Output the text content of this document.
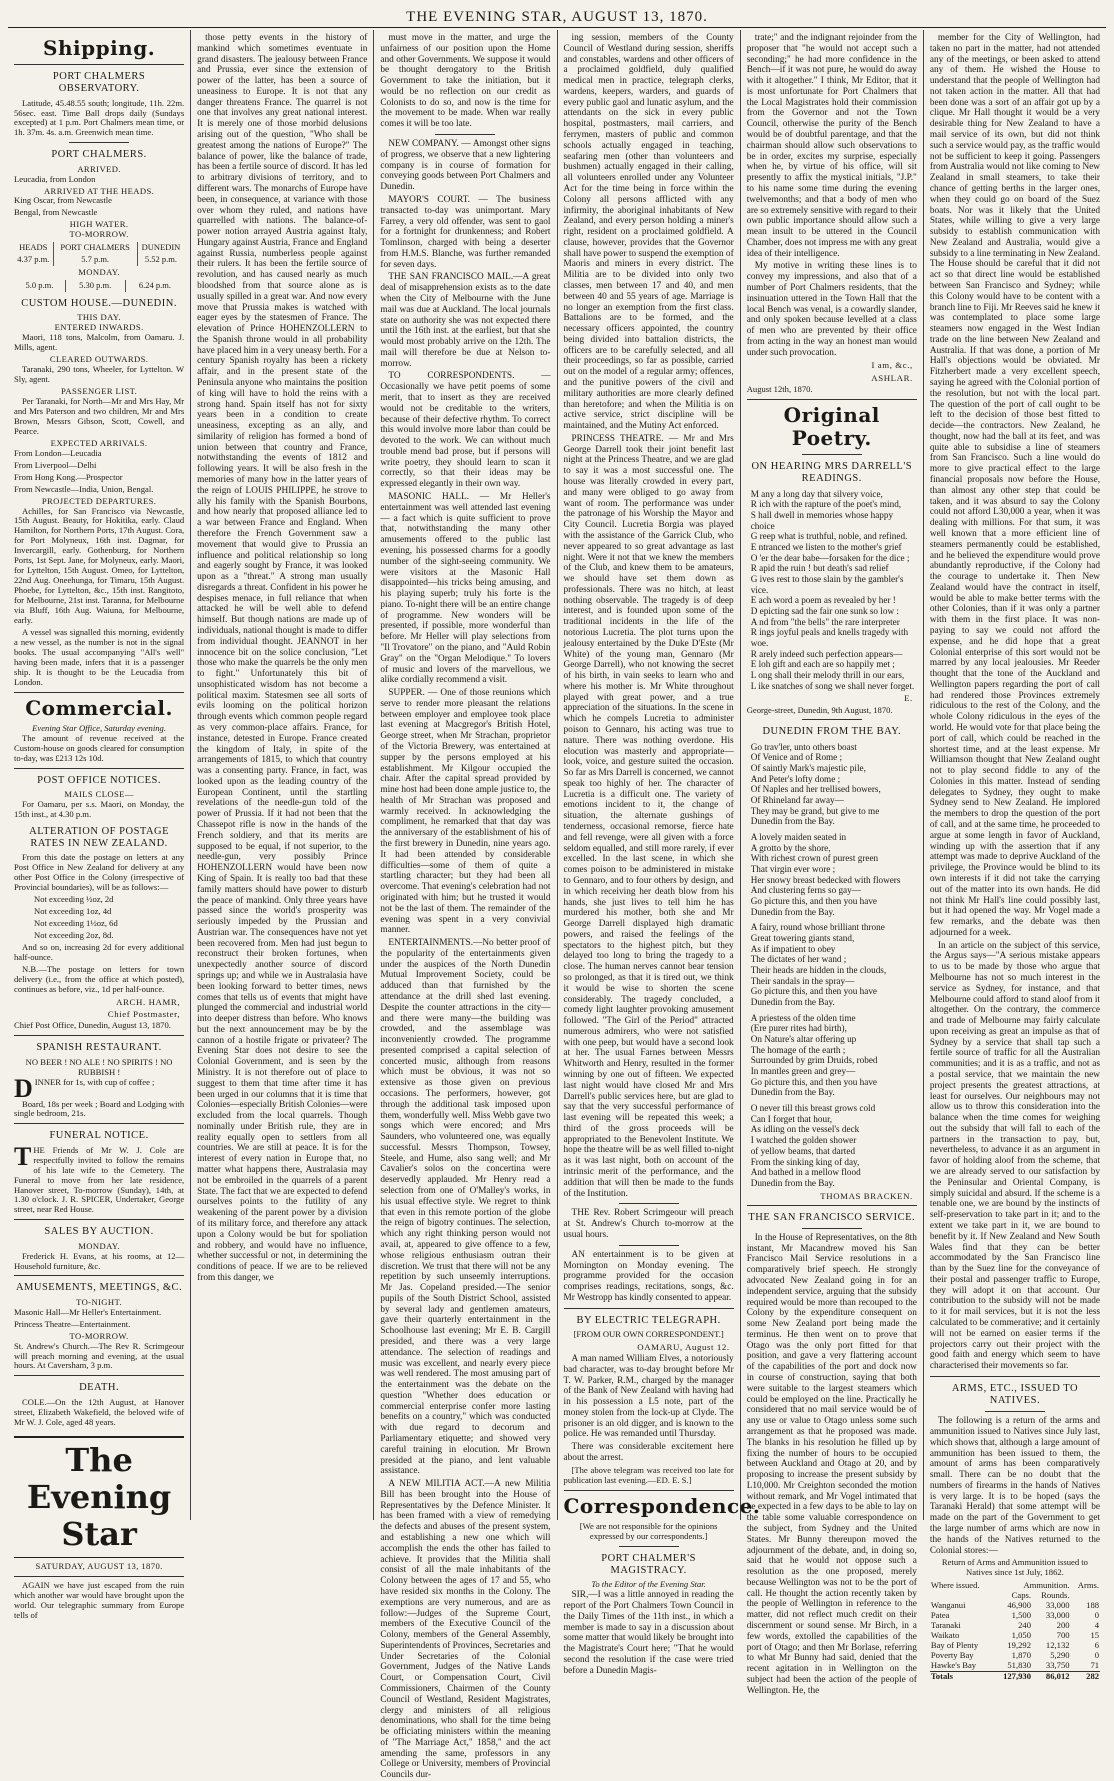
THE EVENING STAR, AUGUST 13, 1870.
Shipping.
PORT CHALMERS OBSERVATORY.

Latitude, 45.48.55 south; longitude, 11h. 22m. 56sec. east. Time Ball drops daily (Sundays excepted) at 1 p.m. Port Chalmers mean time, or 1h. 37m. 4s. a.m. Greenwich mean time.

PORT CHALMERS.
ARRIVED.

Leucadia, from London

ARRIVED AT THE HEADS.

King Oscar, from Newcastle

Bengal, from Newcastle

HIGH WATER.
TO-MORROW.
HEADS	PORT CHALMERS	DUNEDIN
4.37 p.m.	5.7 p.m.	5.52 p.m.
MONDAY.
5.0 p.m.	5.30 p.m.	6.24 p.m.
CUSTOM HOUSE.—DUNEDIN.
THIS DAY.
ENTERED INWARDS.

Maori, 118 tons, Malcolm, from Oamaru. J. Mills, agent.

CLEARED OUTWARDS.

Taranaki, 290 tons, Wheeler, for Lyttelton. W Sly, agent.

PASSENGER LIST.

Per Taranaki, for North—Mr and Mrs Hay, Mr and Mrs Paterson and two children, Mr and Mrs Brown, Messrs Gibson, Scott, Cowell, and Pearce.

EXPECTED ARRIVALS.

From London—Leucadia

From Liverpool—Delhi

From Hong Kong.—Prospector

From Newcastle—India, Union, Bengal.

PROJECTED DEPARTURES.

Achilles, for San Francisco via Newcastle, 15th August. Beauty, for Hokitika, early. Claud Hamilton, for Northern Ports, 17th August. Cora, for Port Molyneux, 16th inst. Dagmar, for Invercargill, early. Gothenburg, for Northern Ports, 1st Sept. Jane, for Molyneux, early. Maori, for Lyttelton, 15th August. Omeo, for Lyttelton, 22nd Aug. Oneehunga, for Timaru, 15th August. Phoebe, for Lyttelton, &c., 15th inst. Rangitoto, for Melbourne, 21st inst. Taranna, for Melbourne via Bluff, 16th Aug. Waiuna, for Melbourne, early.

A vessel was signalled this morning, evidently a new vessel, as the number is not in the signal books. The usual accompanying "All's well" having been made, infers that it is a passenger ship. It is thought to be the Leucadia from London.

Commercial.
Evening Star Office, Saturday evening.

The amount of revenue received at the Custom-house on goods cleared for consumption to-day, was £213 12s 10d.

POST OFFICE NOTICES.
MAILS CLOSE—

For Oamaru, per s.s. Maori, on Monday, the 15th inst., at 4.30 p.m.

ALTERATION OF POSTAGE RATES IN NEW ZEALAND.

From this date the postage on letters at any Post Office in New Zealand for delivery at any other Post Office in the Colony (irrespective of Provincial boundaries), will be as follows:—

Not exceeding ½oz, 2d

Not exceeding 1oz, 4d

Not exceeding 1½oz, 6d

Not exceeding 2oz, 8d.

And so on, increasing 2d for every additional half-ounce.

N.B.—The postage on letters for town delivery (i.e., from the office at which posted), continues as before, viz., 1d per half-ounce.

ARCH. HAMR,
Chief Postmaster,

Chief Post Office, Dunedin, August 13, 1870.

SPANISH RESTAURANT.
NO BEER ! NO ALE ! NO SPIRITS ! NO RUBBISH !

DINNER for 1s, with cup of coffee ;

Board, 18s per week ; Board and Lodging with single bedroom, 21s.

FUNERAL NOTICE.

THE Friends of Mr W. J. Cole are respectfully invited to follow the remains of his late wife to the Cemetery. The Funeral to move from her late residence, Hanover street, To-morrow (Sunday), 14th, at 1.30 o'clock. J. R. SPICER, Undertaker, George street, near Red House.

SALES BY AUCTION.
MONDAY.

Frederick H. Evans, at his rooms, at 12—Household furniture, &c.

AMUSEMENTS, MEETINGS, &C.
TO-NIGHT.

Masonic Hall—Mr Heller's Entertainment.

Princess Theatre—Entertainment.

TO-MORROW.

St. Andrew's Church.—The Rev R. Scrimgeour will preach morning and evening, at the usual hours. At Caversham, 3 p.m.

DEATH.

COLE.—On the 12th August, at Hanover street, Elizabeth Wakefield, the beloved wife of Mr W. J. Cole, aged 48 years.

The Evening Star
SATURDAY, AUGUST 13, 1870.

AGAIN we have just escaped from the ruin which another war would have brought upon the world. Our telegraphic summary from Europe tells of

those petty events in the history of mankind which sometimes eventuate in grand disasters. The jealousy between France and Prussia, ever since the extension of power of the latter, has been a source of uneasiness to Europe. It is not that any danger threatens France. The quarrel is not one that involves any great national interest. It is merely one of those morbid delusions arising out of the question, "Who shall be greatest among the nations of Europe?" The balance of power, like the balance of trade, has been a fertile source of discord. It has led to arbitrary divisions of territory, and to different wars. The monarchs of Europe have been, in consequence, at variance with those over whom they ruled, and nations have quarrelled with nations. The balance-of-power notion arrayed Austria against Italy, Hungary against Austria, France and England against Russia, numberless people against their rulers. It has been the fertile source of revolution, and has caused nearly as much bloodshed from that source alone as is usually spilled in a great war. And now every move that Prussia makes is watched with eager eyes by the statesmen of France. The elevation of Prince HOHENZOLLERN to the Spanish throne would in all probability have placed him in a very uneasy berth. For a century Spanish royalty has been a rickety affair, and in the present state of the Peninsula anyone who maintains the position of king will have to hold the reins with a strong hand. Spain itself has not for sixty years been in a condition to create uneasiness, excepting as an ally, and similarity of religion has formed a bond of union between that country and France, notwithstanding the events of 1812 and following years. It will be also fresh in the memories of many how in the latter years of the reign of LOUIS PHILIPPE, he strove to ally his family with the Spanish Bourbons, and how nearly that proposed alliance led to a war between France and England. When therefore the French Government saw a movement that would give to Prussia an influence and political relationship so long and eagerly sought by France, it was looked upon as a "threat." A strong man usually disregards a threat. Confident in his power he despises menace, in full reliance that when attacked he will be well able to defend himself. But though nations are made up of individuals, national thought is made to differ from individual thought. JEANNOT in her innocence bit on the solice conclusion, "Let those who make the quarrels be the only men to fight." Unfortunately this bit of unsophisticated wisdom has not become a political maxim. Statesmen see all sorts of evils looming on the political horizon through events which common people regard as very common-place affairs. France, for instance, detested in Europe. France created the kingdom of Italy, in spite of the arrangements of 1815, to which that country was a consenting party. France, in fact, was looked upon as the leading country of the European Continent, until the startling revelations of the needle-gun told of the power of Prussia. If it had not been that the Chassepot rifle is now in the hands of the French soldiery, and that its merits are supposed to be equal, if not superior, to the needle-gun, very possibly Prince HOHENZOLLERN would have been now King of Spain. It is really too bad that these family matters should have power to disturb the peace of mankind. Only three years have passed since the world's prosperity was seriously impeded by the Prussian and Austrian war. The consequences have not yet been recovered from. Men had just begun to reconstruct their broken fortunes, when unexpectedly another source of discord springs up; and while we in Australasia have been looking forward to better times, news comes that tells us of events that might have plunged the commercial and industrial world into deeper distress than before. Who knows but the next announcement may be by the cannon of a hostile frigate or privateer? The Evening Star does not desire to see the Colonial Government, and is seen by the Ministry. It is not therefore out of place to suggest to them that time after time it has been urged in our columns that it is time that Colonies—especially British Colonies—were excluded from the local quarrels. Though nominally under British rule, they are in reality equally open to settlers from all countries. We are still at peace. It is for the interest of every nation in Europe that, no matter what happens there, Australasia may not be embroiled in the quarrels of a parent State. The fact that we are expected to defend ourselves points to the futility of any weakening of the parent power by a division of its military force, and therefore any attack upon a Colony would be but for spoliation and robbery, and would have no influence, whether successful or not, in determining the conditions of peace. If we are to be relieved from this danger, we

must move in the matter, and urge the unfairness of our position upon the Home and other Governments. We suppose it would be thought derogatory to the British Government to take the initiation, but it would be no reflection on our credit as Colonists to do so, and now is the time for the movement to be made. When war really comes it will be too late.

NEW COMPANY. — Amongst other signs of progress, we observe that a new lightering company is in course of formation for conveying goods between Port Chalmers and Dunedin.

MAYOR'S COURT. — The business transacted to-day was unimportant. Mary Farrey, a very old offender, was sent to gaol for a fortnight for drunkenness; and Robert Tomlinson, charged with being a deserter from H.M.S. Blanche, was further remanded for seven days.

THE SAN FRANCISCO MAIL.—A great deal of misapprehension exists as to the date when the City of Melbourne with the June mail was due at Auckland. The local journals state on authority she was not expected there until the 16th inst. at the earliest, but that she would most probably arrive on the 12th. The mail will therefore be due at Nelson to-morrow.

TO CORRESPONDENTS. — Occasionally we have petit poems of some merit, that to insert as they are received would not be creditable to the writers, because of their defective rhythm. To correct this would involve more labor than could be devoted to the work. We can without much trouble mend bad prose, but if persons will write poetry, they should learn to scan it correctly, so that their ideas may be expressed elegantly in their own way.

MASONIC HALL. — Mr Heller's entertainment was well attended last evening — a fact which is quite sufficient to prove that, notwithstanding the many other amusements offered to the public last evening, his possessed charms for a goodly number of the sight-seeing community. We were visitors at the Masonic Hall disappointed—his tricks being amusing, and his playing superb; truly his forte is the piano. To-night there will be an entire change of programme. New wonders will be presented, if possible, more wonderful than before. Mr Heller will play selections from "Il Trovatore" on the piano, and "Auld Robin Gray" on the "Organ Melodique." To lovers of music and lovers of the marvellous, we alike cordially recommend a visit.

SUPPER. — One of those reunions which serve to render more pleasant the relations between employer and employee took place last evening at Macgregor's British Hotel, George street, when Mr Strachan, proprietor of the Victoria Brewery, was entertained at supper by the persons employed at his establishment. Mr Kilgour occupied the chair. After the capital spread provided by mine host had been done ample justice to, the health of Mr Strachan was proposed and warmly received. In acknowledging the compliment, he remarked that that day was the anniversary of the establishment of his of the first brewery in Dunedin, nine years ago. It had been attended by considerable difficulties—some of them of quite a startling character; but they had been all overcome. That evening's celebration had not originated with him; but he trusted it would not be the last of them. The remainder of the evening was spent in a very convivial manner.

ENTERTAINMENTS.—No better proof of the popularity of the entertainments given under the auspices of the North Dunedin Mutual Improvement Society, could be adduced than that furnished by the attendance at the drill shed last evening. Despite the counter attractions in the city—and there were many—the building was crowded, and the assemblage was inconveniently crowded. The programme presented comprised a capital selection of concerted music, although from reasons which must be obvious, it was not so extensive as those given on previous occasions. The performers, however, got through the additional task imposed upon them, wonderfully well. Miss Webb gave two songs which were encored; and Mrs Saunders, who volunteered one, was equally successful. Messrs Thompson, Towsey, Steele, and Hume, also sang well; and Mr Cavalier's solos on the concertina were deservedly applauded. Mr Henry read a selection from one of O'Malley's works, in his usual effective style. We regret to think that even in this remote portion of the globe the reign of bigotry continues. The selection, which any right thinking person would not avail, at, appeared to give offence to a few, whose religious enthusiasm outran their discretion. We trust that there will not be any repetition by such unseemly interruptions. Mr Jas. Copeland presided.—The senior pupils of the South District School, assisted by several lady and gentlemen amateurs, gave their quarterly entertainment in the Schoolhouse last evening; Mr E. B. Cargill presided, and there was a very large attendance. The selection of readings and music was excellent, and nearly every piece was well rendered. The most amusing part of the entertainment was the debate on the question "Whether does education or commercial enterprise confer more lasting benefits on a country," which was conducted with due regard to decorum and Parliamentary etiquette; and showed very careful training in elocution. Mr Brown presided at the piano, and lent valuable assistance.

A NEW MILITIA ACT.—A new Militia Bill has been brought into the House of Representatives by the Defence Minister. It has been framed with a view of remedying the defects and abuses of the present system, and establishing a new one which will accomplish the ends the other has failed to achieve. It provides that the Militia shall consist of all the male inhabitants of the Colony between the ages of 17 and 55, who have resided six months in the Colony. The exemptions are very numerous, and are as follow:—Judges of the Supreme Court, members of the Executive Council of the Colony, members of the General Assembly, Superintendents of Provinces, Secretaries and Under Secretaries of the Colonial Government, Judges of the Native Lands Court, or Compensation Court, Civil Commissioners, Chairmen of the County Council of Westland, Resident Magistrates, clergy and ministers of all religious denominations, who shall for the time being be officiating ministers within the meaning of "The Marriage Act," 1858," and the act amending the same, professors in any College or University, members of Provincial Councils dur-

ing session, members of the County Council of Westland during session, sheriffs and constables, wardens and other officers of a proclaimed goldfield, duly qualified medical men in practice, telegraph clerks, wardens, keepers, warders, and guards of every public gaol and lunatic asylum, and the attendants on the sick in every public hospital, postmasters, mail carriers, and ferrymen, masters of public and common schools actually engaged in teaching, seafaring men (other than volunteers and bushmen) actually engaged in their calling, all volunteers enrolled under any Volunteer Act for the time being in force within the Colony all persons afflicted with any infirmity, the aboriginal inhabitants of New Zealand, and every person holding a miner's right, resident on a proclaimed goldfield. A clause, however, provides that the Governor shall have power to suspend the exemption of Maoris and miners in every district. The Militia are to be divided into only two classes, men between 17 and 40, and men between 40 and 55 years of age. Marriage is no longer an exemption from the first class. Battalions are to be formed, and the necessary officers appointed, the country being divided into battalion districts, the officers are to be carefully selected, and all their proceedings, so far as possible, carried out on the model of a regular army; offences, and the punitive powers of the civil and military authorities are more clearly defined than heretofore; and when the Militia is on active service, strict discipline will be maintained, and the Mutiny Act enforced.

PRINCESS THEATRE. — Mr and Mrs George Darrell took their joint benefit last night at the Princess Theatre, and we are glad to say it was a most successful one. The house was literally crowded in every part, and many were obliged to go away from want of room. The performance was under the patronage of his Worship the Mayor and City Council. Lucretia Borgia was played with the assistance of the Garrick Club, who never appeared to so great advantage as last night. Were it not that we knew the members of the Club, and knew them to be amateurs, we should have set them down as professionals. There was no hitch, at least nothing observable. The tragedy is of deep interest, and is founded upon some of the traditional incidents in the life of the notorious Lucretia. The plot turns upon the jealousy entertained by the Duke D'Este (Mr White) of the young man, Gennaro (Mr George Darrell), who not knowing the secret of his birth, in vain seeks to learn who and where his mother is. Mr White throughout played with great power, and a true appreciation of the situations. In the scene in which he compels Lucretia to administer poison to Gennaro, his acting was true to nature. There was nothing overdone. His elocution was masterly and appropriate—look, voice, and gesture suited the occasion. So far as Mrs Darrell is concerned, we cannot speak too highly of her. The character of Lucretia is a difficult one. The variety of emotions incident to it, the change of situation, the alternate gushings of tenderness, occasional remorse, fierce hate and fell revenge, were all given with a force seldom equalled, and still more rarely, if ever excelled. In the last scene, in which she comes poison to be administered in mistake to Gennaro, and to four others by design, and in which receiving her death blow from his hands, she just lives to tell him he has murdered his mother, both she and Mr George Darrell displayed high dramatic powers, and raised the feelings of the spectators to the highest pitch, but they delayed too long to bring the tragedy to a close. The human nerves cannot bear tension so prolonged, as that it is tired out, we think it would be wise to shorten the scene considerably. The tragedy concluded, a comedy light laughter provoking amusement followed. "The Girl of the Period" attracted numerous admirers, who were not satisfied with one peep, but would have a second look at her. The usual Farnes between Messrs Whitworth and Henry, resulted in the former winning by one out of fifteen. We expected last night would have closed Mr and Mrs Darrell's public services here, but are glad to say that the very successful performance of last evening will be repeated this week; a third of the gross proceeds will be appropriated to the Benevolent Institute. We hope the theatre will be as well filled to-night as it was last night, both on account of the intrinsic merit of the performance, and the addition that will then be made to the funds of the Institution.

THE Rev. Robert Scrimgeour will preach at St. Andrew's Church to-morrow at the usual hours.

AN entertainment is to be given at Mornington on Monday evening. The programme provided for the occasion comprises readings, recitations, songs, &c. Mr Westropp has kindly consented to appear.

BY ELECTRIC TELEGRAPH.
[FROM OUR OWN CORRESPONDENT.]
OAMARU, August 12.

A man named William Elves, a notoriously bad character, was to-day brought before Mr T. W. Parker, R.M., charged by the manager of the Bank of New Zealand with having had in his possession a L5 note, part of the money stolen from the lock-up at Clyde. The prisoner is an old digger, and is known to the police. He was remanded until Thursday.

There was considerable excitement here about the arrest.

[The above telegram was received too late for publication last evening.—ED. E. S.]

Correspondence.

[We are not responsible for the opinions expressed by our correspondents.]

PORT CHALMER'S MAGISTRACY.
To the Editor of the Evening Star.

SIR,—I was a little annoyed in reading the report of the Port Chalmers Town Council in the Daily Times of the 11th inst., in which a member is made to say in a discussion about some matter that would likely be brought into the Magistrate's Court here; "That he would second the resolution if the case were tried before a Dunedin Magis-

trate;" and the indignant rejoinder from the proposer that "he would not accept such a seconding;" he had more confidence in the Bench—if it was not pure, he would do away with it altogether." I think, Mr Editor, that it is most unfortunate for Port Chalmers that the Local Magistrates hold their commission from the Governor and not the Town Council, otherwise the purity of the Bench would be of doubtful parentage, and that the chairman should allow such observations to be in order, excites my surprise, especially when he, by virtue of his office, will sit presently to affix the mystical initials, "J.P." to his name some time during the evening twelvemonths; and that a body of men who are so extremely sensitive with regard to their own public importance should allow such a mean insult to be uttered in the Council Chamber, does not impress me with any great idea of their intelligence.

My motive in writing these lines is to convey my impressions, and also that of a number of Port Chalmers residents, that the insinuation uttered in the Town Hall that the local Bench was venal, is a cowardly slander, and only spoken because levelled at a class of men who are prevented by their office from acting in the way an honest man would under such provocation.

I am, &c.,
ASHLAR.

August 12th, 1870.

Original Poetry.
ON HEARING MRS DARRELL'S READINGS.
M any a long day that silvery voice,
R ich with the rapture of the poet's mind,
S hall dwell in memories whose happy choice
G reep what is truthful, noble, and refined.
E ntranced we listen to the mother's grief
O 'er the dear babe—forsaken for the dice ;
R apid the ruin ! but death's sad relief
G ives rest to those slain by the gambler's vice.
E ach word a poem as revealed by her !
D epicting sad the fair one sunk so low :
A nd from "the bells" the rare interpreter
R ings joyful peals and knells tragedy with woe.
R arely indeed such perfection appears—
E loh gift and each are so happily met ;
L ong shall their melody thrill in our ears,
L ike snatches of song we shall never forget.
E.

George-street, Dunedin, 9th August, 1870.

DUNEDIN FROM THE BAY.
Go trav'ler, unto others boast
Of Venice and of Rome ;
Of saintly Mark's majestic pile,
And Peter's lofty dome ;
Of Naples and her trellised bowers,
Of Rhineland far away—
They may be grand, but give to me
Dunedin from the Bay.
A lovely maiden seated in
A grotto by the shore,
With richest crown of purest green
That virgin ever wore ;
Her snowy breast bedecked with flowers
And clustering ferns so gay—
Go picture this, and then you have
Dunedin from the Bay.
A fairy, round whose brilliant throne
Great towering giants stand,
As if impatient to obey
The dictates of her wand ;
Their heads are hidden in the clouds,
Their sandals in the spray—
Go picture this, and then you have
Dunedin from the Bay.
A priestess of the olden time
(Ere purer rites had birth),
On Nature's altar offering up
The homage of the earth ;
Surrounded by grim Druids, robed
In mantles green and grey—
Go picture this, and then you have
Dunedin from the Bay.
O never till this breast grows cold
Can I forget that hour,
As idling on the vessel's deck
I watched the golden shower
of yellow beams, that darted
From the sinking king of day,
And bathed in a mellow flood
Dunedin from the Bay.
THOMAS BRACKEN.
THE SAN FRANCISCO SERVICE.

In the House of Representatives, on the 8th instant, Mr Macandrew moved his San Francisco Mail Service resolutions in a comparatively brief speech. He strongly advocated New Zealand going in for an independent service, arguing that the subsidy required would be more than recouped to the Colony by the expenditure consequent on some New Zealand port being made the terminus. He then went on to prove that Otago was the only port fitted for that position, and gave a very flattering account of the capabilities of the port and dock now in course of construction, saying that both were suitable to the largest steamers which could be employed on the line. Practically he considered that no mail service would be of any use or value to Otago unless some such arrangement as that he proposed was made. The blanks in his resolution he filled up by fixing the number of hours to be occupied between Auckland and Otago at 20, and by proposing to increase the present subsidy by L10,000. Mr Creighton seconded the motion without remark, and Mr Vogel intimated that he expected in a few days to be able to lay on the table some valuable correspondence on the subject, from Sydney and the United States. Mr Bunny thereupon moved the adjournment of the debate, and, in doing so, said that he would not oppose such a resolution as the one proposed, merely because Wellington was not to be the port of call. He thought the action recently taken by the people of Wellington in reference to the matter, did not reflect much credit on their discernment or sound sense. Mr Birch, in a few words, extolled the capabilities of the port of Otago; and then Mr Borlase, referring to what Mr Bunny had said, denied that the recent agitation in in Wellington on the subject had been the action of the people of Wellington. He, the

member for the City of Wellington, had taken no part in the matter, had not attended any of the meetings, or been asked to attend any of them. He wished the House to understand that the people of Wellington had not taken action in the matter. All that had been done was a sort of an affair got up by a clique. Mr Hall thought it would be a very desirable thing for New Zealand to have a mail service of its own, but did not think such a service would pay, as the traffic would not be sufficient to keep it going. Passengers from Australia would not like coming to New Zealand in small steamers, to take their chance of getting berths in the larger ones, when they could go on board of the Suez boats. Nor was it likely that the United States, while willing to give a very large subsidy to establish communication with New Zealand and Australia, would give a subsidy to a line terminating in New Zealand. The House should be careful that it did not act so that direct line would be established between San Francisco and Sydney; while this Colony would have to be content with a branch line to Fiji. Mr Reeves said he knew it was contemplated to place some large steamers now engaged in the West Indian trade on the line between New Zealand and Australia. If that was done, a portion of Mr Hall's objections would be obviated. Mr Fitzherbert made a very excellent speech, saying he agreed with the Colonial portion of the resolution, but not with the local part. The question of the port of call ought to be left to the decision of those best fitted to decide—the contractors. New Zealand, he thought, now had the ball at its feet, and was quite able to subsidise a line of steamers from San Francisco. Such a line would do more to give practical effect to the large financial proposals now before the House, than almost any other step that could be taken, and it was absurd to say the Colony could not afford L30,000 a year, when it was dealing with millions. For that sum, it was well known that a more efficient line of steamers permanently could be established, and he believed the expenditure would prove abundantly reproductive, if the Colony had the courage to undertake it. Then New Zealand would have the contract in itself, would be able to make better terms with the other Colonies, than if it was only a partner with them in the first place. It was non-paying to say we could not afford the expense, and he did hope that a great Colonial enterprise of this sort would not be marred by any local jealousies. Mr Reeder thought that the tone of the Auckland and Wellington papers regarding the port of call had rendered those Provinces extremely ridiculous to the rest of the Colony, and the whole Colony ridiculous in the eyes of the world. He would vote for that place being the port of call, which could be reached in the shortest time, and at the least expense. Mr Williamson thought that New Zealand ought not to play second fiddle to any of the Colonies in this matter. Instead of sending delegates to Sydney, they ought to make Sydney send to New Zealand. He implored the members to drop the question of the port of call, and at the same time, he proceeded to argue at some length in favor of Auckland, winding up with the assertion that if any attempt was made to deprive Auckland of the privilege, the Province would be blind to its own interests if it did not take the carrying out of the matter into its own hands. He did not think Mr Hall's line could possibly last, but it had opened the way. Mr Vogel made a few remarks, and the debate was then adjourned for a week.

In an article on the subject of this service, the Argus says—"A serious mistake appears to us to be made by those who argue that Melbourne has not so much interest in the service as Sydney, for instance, and that Melbourne could afford to stand aloof from it altogether. On the contrary, the commerce and trade of Melbourne may fairly calculate upon receiving as great an impulse as that of Sydney by a service that shall tap such a fertile source of traffic for all the Australian communities; and it is as a traffic, and not as a postal service, that we maintain the new project presents the greatest attractions, at least for ourselves. Our neighbours may not allow us to throw this consideration into the balance when the time comes for weighing out the subsidy that will fall to each of the partners in the transaction to pay, but, nevertheless, to advance it as an argument in favor of holding aloof from the scheme, that we are already served to our satisfaction by the Peninsular and Oriental Company, is simply suicidal and absurd. If the scheme is a tenable one, we are bound by the instincts of self-preservation to take part in it; and to the extent we take part in it, we are bound to benefit by it. If New Zealand and New South Wales find that they can be better accommodated by the San Francisco line than by the Suez line for the conveyance of their postal and passenger traffic to Europe, they will adopt it on that account. Our contribution to the subsidy will not be made to it for mail services, but it is not the less calculated to be commerative; and it certainly will not be earned on easier terms if the projectors carry out their project with the good faith and energy which seem to have characterised their movements so far.

ARMS, ETC., ISSUED TO NATIVES.

The following is a return of the arms and ammunition issued to Natives since July last, which shows that, although a large amount of ammunition has been issued to them, the amount of arms has been comparatively small. There can be no doubt that the numbers of firearms in the hands of Natives is very large. It is to be hoped (says the Taranaki Herald) that some attempt will be made on the part of the Government to get the large number of arms which are now in the hands of the Natives returned to the Colonial stores:—

Return of Arms and Ammunition issued to Natives since 1st July, 1862.

Where issued.	Ammunition.		Arms.
	Caps.	Rounds.	
Wanganui	46,900	33,000	188
Patea	1,500	33,000	0
Taranaki	240	200	4
Waikato	1,050	700	15
Bay of Plenty	19,292	12,132	6
Poverty Bay	1,870	5,290	0
Hawke's Bay	51,830	33,750	71
Totals	127,930	86,012	282
